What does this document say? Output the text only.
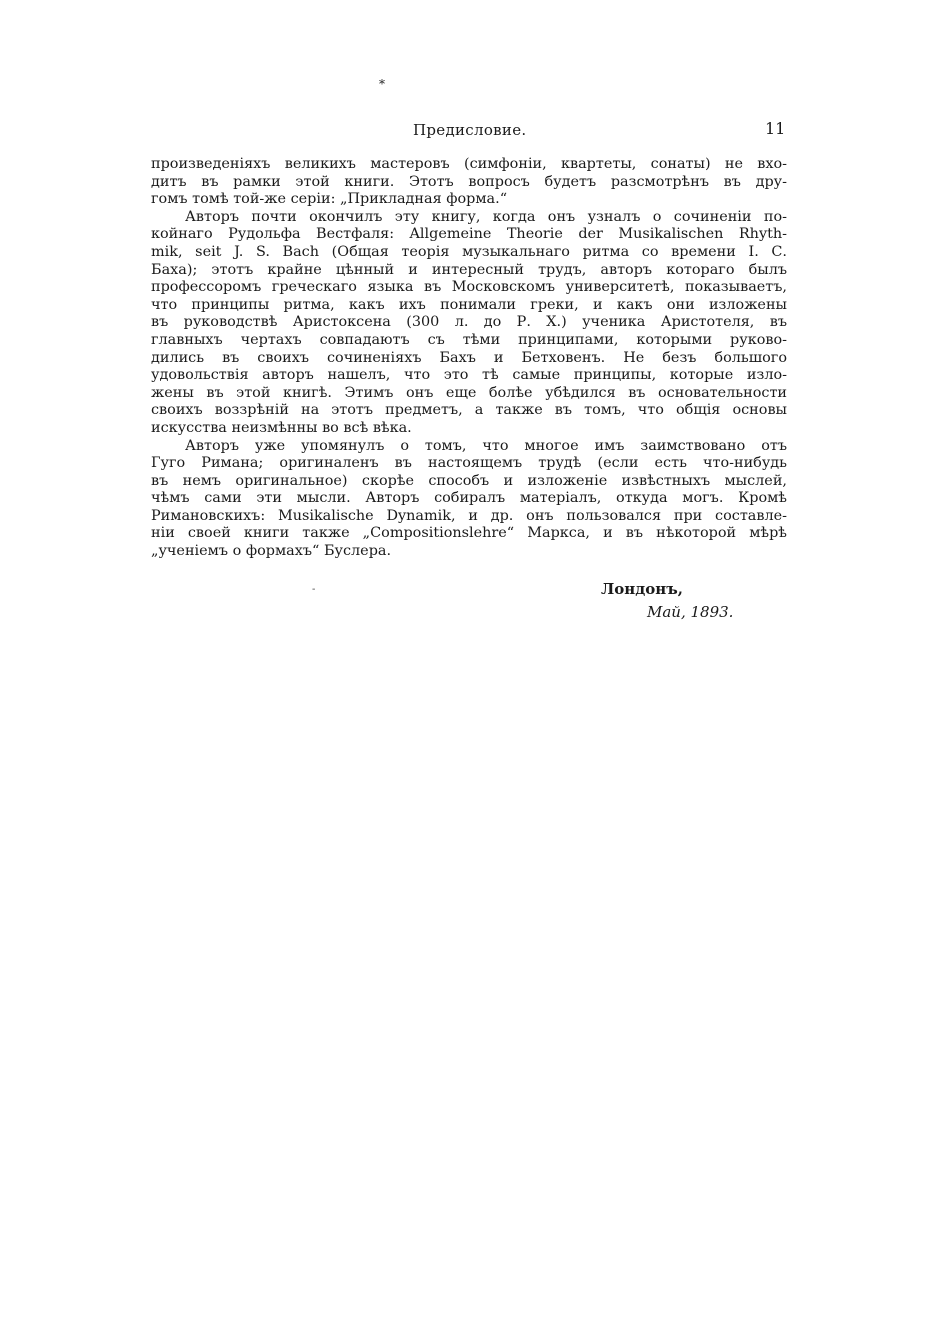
*
Предисловие.	11
произведеніяхъ великихъ мастеровъ (симфоніи, квартеты, сонаты) не вхо-
дитъ въ рамки этой книги. Этотъ вопросъ будетъ разсмотрѣнъ въ дру-
гомъ томѣ той-же серіи: „Прикладная форма.“
Авторъ почти окончилъ эту книгу, когда онъ узналъ о сочиненіи по-
койнаго Рудольфа Вестфаля: Allgemeine Theorie der Musikalischen Rhyth-
mik, seit J. S. Bach (Общая теорія музыкальнаго ритма со времени І. С.
Баха); этотъ крайне цѣнный и интересный трудъ, авторъ котораго былъ
профессоромъ греческаго языка въ Московскомъ университетѣ, показываетъ,
что принципы ритма, какъ ихъ понимали греки, и какъ они изложены
въ руководствѣ Аристоксена (300 л. до Р. Х.) ученика Аристотеля, въ
главныхъ чертахъ совпадаютъ съ тѣми принципами, которыми руково-
дились въ своихъ сочиненіяхъ Бахъ и Бетховенъ. Не безъ большого
удовольствія авторъ нашелъ, что это тѣ самые принципы, которые изло-
жены въ этой книгѣ. Этимъ онъ еще болѣе убѣдился въ основательности
своихъ воззрѣній на этотъ предметъ, а также въ томъ, что общія основы
искусства неизмѣнны во всѣ вѣка.
Авторъ уже упомянулъ о томъ, что многое имъ заимствовано отъ
Гуго Римана; оригиналенъ въ настоящемъ трудѣ (если есть что-нибудь
въ немъ оригинальное) скорѣе способъ и изложеніе извѣстныхъ мыслей,
чѣмъ сами эти мысли. Авторъ собиралъ матеріалъ, откуда могъ. Кромѣ
Римановскихъ: Musikalische Dynamik, и др. онъ пользовался при составле-
ніи своей книги также „Compositionslehre“ Маркса, и въ нѣкоторой мѣрѣ
„ученіемъ о формахъ“ Буслера.
-	Лондонъ,
Май, 1893.
